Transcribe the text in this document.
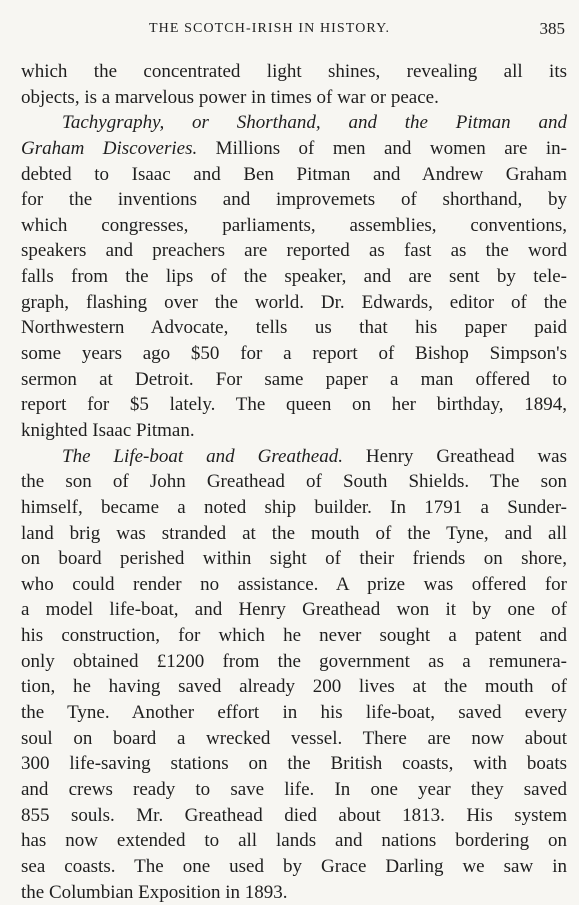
THE SCOTCH-IRISH IN HISTORY.	385
which the concentrated light shines, revealing all its
objects, is a marvelous power in times of war or peace.
Tachygraphy, or Shorthand, and the Pitman and
Graham Discoveries. Millions of men and women are in-
debted to Isaac and Ben Pitman and Andrew Graham
for the inventions and improvemets of shorthand, by
which congresses, parliaments, assemblies, conventions,
speakers and preachers are reported as fast as the word
falls from the lips of the speaker, and are sent by tele-
graph, flashing over the world. Dr. Edwards, editor of the
Northwestern Advocate, tells us that his paper paid
some years ago $50 for a report of Bishop Simpson's
sermon at Detroit. For same paper a man offered to
report for $5 lately. The queen on her birthday, 1894,
knighted Isaac Pitman.
The Life-boat and Greathead. Henry Greathead was
the son of John Greathead of South Shields. The son
himself, became a noted ship builder. In 1791 a Sunder-
land brig was stranded at the mouth of the Tyne, and all
on board perished within sight of their friends on shore,
who could render no assistance. A prize was offered for
a model life-boat, and Henry Greathead won it by one of
his construction, for which he never sought a patent and
only obtained £1200 from the government as a remunera-
tion, he having saved already 200 lives at the mouth of
the Tyne. Another effort in his life-boat, saved every
soul on board a wrecked vessel. There are now about
300 life-saving stations on the British coasts, with boats
and crews ready to save life. In one year they saved
855 souls. Mr. Greathead died about 1813. His system
has now extended to all lands and nations bordering on
sea coasts. The one used by Grace Darling we saw in
the Columbian Exposition in 1893.
